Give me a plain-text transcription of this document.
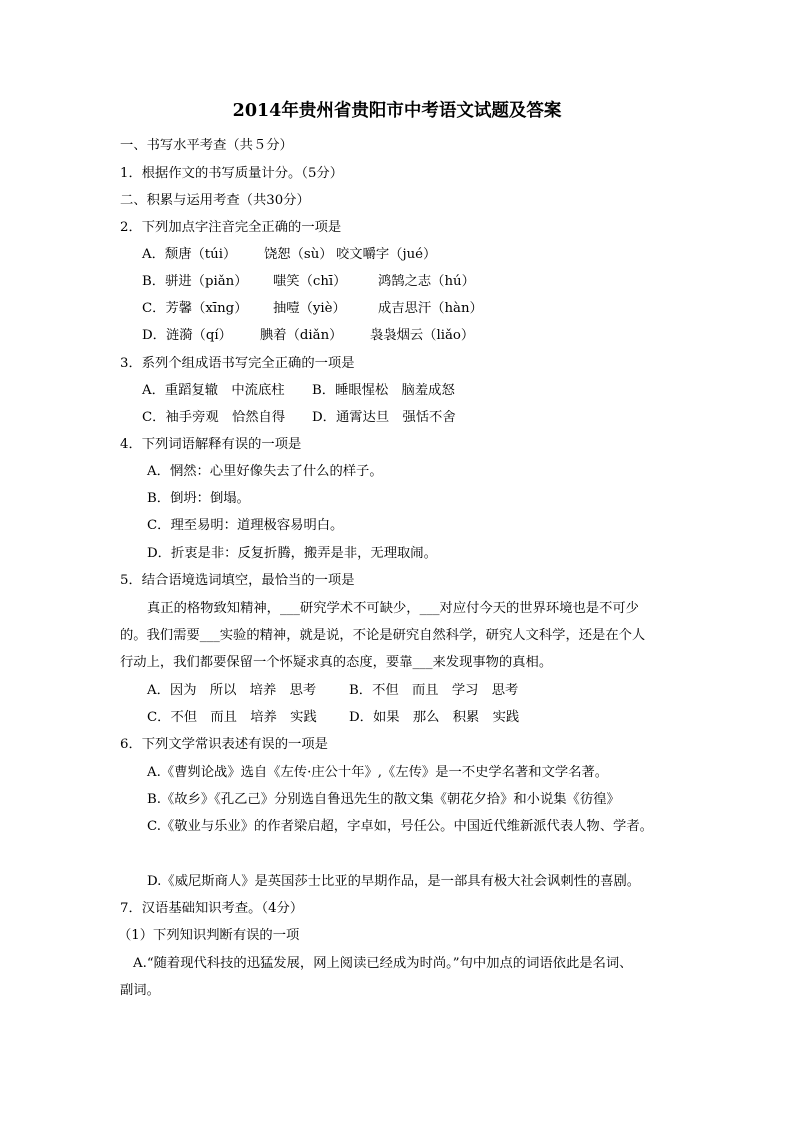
2014年贵州省贵阳市中考语文试题及答案
一、书写水平考查（共５分）
1．根据作文的书写质量计分。（5分）
二、积累与运用考查（共30分）
2．下列加点字注音完全正确的一项是
A．颓唐（tú​i） 饶恕（sù） 咬文嚼字（jué）
B．骈进（piǎn） 嗤笑（chī） 鸿鹄之志（hú）
C．芳馨（xīng） 抽噎（yiè） 成吉思汗（hàn）
D．涟漪（qí） 腆着（diǎn） 袅袅烟云（liǎo）
3．系列个组成语书写完全正确的一项是
A．重蹈复辙　中流底柱 B．睡眼惺松　脑羞成怒
C．袖手旁观　恰然自得 D．通霄达旦　强恬不舍
4．下列词语解释有误的一项是
A．惘然：心里好像失去了什么的样子。
B．倒坍：倒塌。
C．理至易明：道理极容易明白。
D．折衷是非：反复折腾，搬弄是非，无理取闹。
5．结合语境选词填空，最恰当的一项是
真正的格物致知精神，___研究学术不可缺少，___对应付今天的世界环境也是不可少
的。我们需要___实验的精神，就是说，不论是研究自然科学，研究人文科学，还是在个人
行动上，我们都要保留一个怀疑求真的态度，要靠___来发现事物的真相。
A．因为　所以　培养　思考 B．不但　而且　学习　思考
C．不但　而且　培养　实践 D．如果　那么　积累　实践
6．下列文学常识表述有误的一项是
A.《曹刿论战》选自《左传·庄公十年》,《左传》是一不史学名著和文学名著。
B.《故乡》《孔乙己》分别选自鲁迅先生的散文集《朝花夕拾》和小说集《彷徨》
C.《敬业与乐业》的作者梁启超，字卓如，号任公。中国近代维新派代表人物、学者。
D.《威尼斯商人》是英国莎士比亚的早期作品，是一部具有极大社会讽刺性的喜剧。
7．汉语基础知识考查。（4分）
（1）下列知识判断有误的一项
A.“随着现代科技的迅猛发展，网上阅读已经成为时尚。”句中加点的词语依此是名词、
副词。
